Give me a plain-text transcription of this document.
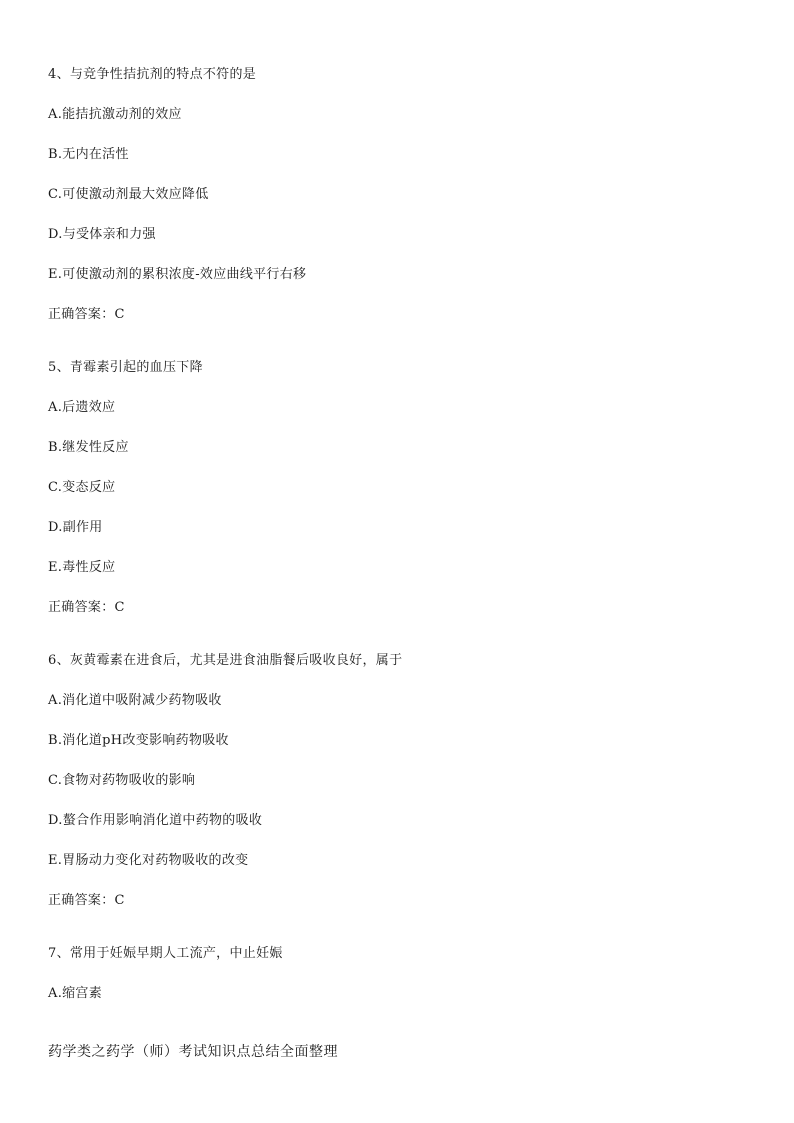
4、与竞争性拮抗剂的特点不符的是
A.能拮抗激动剂的效应
B.无内在活性
C.可使激动剂最大效应降低
D.与受体亲和力强
E.可使激动剂的累积浓度-效应曲线平行右移
正确答案：C
5、青霉素引起的血压下降
A.后遗效应
B.继发性反应
C.变态反应
D.副作用
E.毒性反应
正确答案：C
6、灰黄霉素在进食后，尤其是进食油脂餐后吸收良好，属于
A.消化道中吸附减少药物吸收
B.消化道pH改变影响药物吸收
C.食物对药物吸收的影响
D.螯合作用影响消化道中药物的吸收
E.胃肠动力变化对药物吸收的改变
正确答案：C
7、常用于妊娠早期人工流产，中止妊娠
A.缩宫素
药学类之药学（师）考试知识点总结全面整理
